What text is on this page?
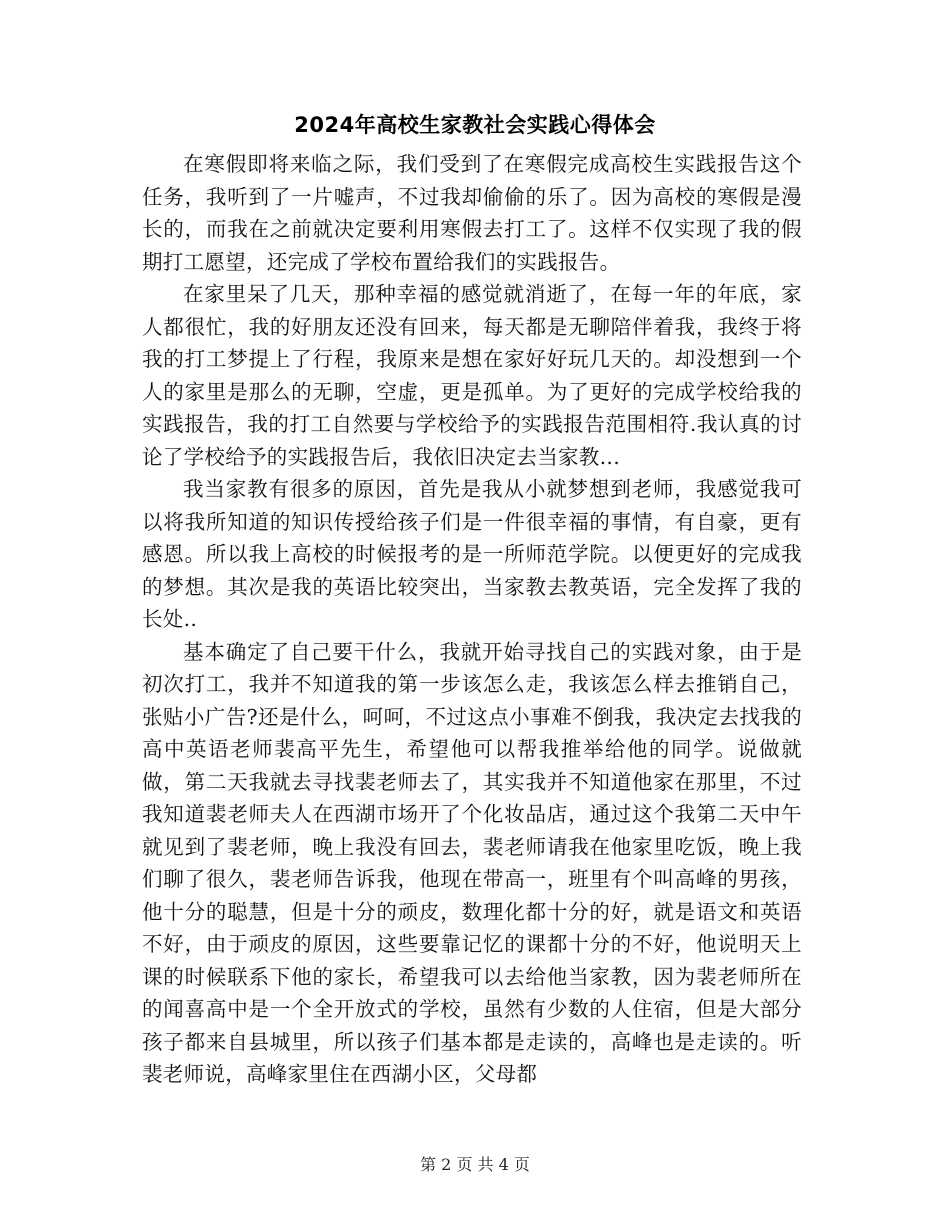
2024年高校生家教社会实践心得体会

在寒假即将来临之际，我们受到了在寒假完成高校生实践报告这个任务，我听到了一片嘘声，不过我却偷偷的乐了。因为高校的寒假是漫长的，而我在之前就决定要利用寒假去打工了。这样不仅实现了我的假期打工愿望，还完成了学校布置给我们的实践报告。

在家里呆了几天，那种幸福的感觉就消逝了，在每一年的年底，家人都很忙，我的好朋友还没有回来，每天都是无聊陪伴着我，我终于将我的打工梦提上了行程，我原来是想在家好好玩几天的。却没想到一个人的家里是那么的无聊，空虚，更是孤单。为了更好的完成学校给我的实践报告，我的打工自然要与学校给予的实践报告范围相符.我认真的讨论了学校给予的实践报告后，我依旧决定去当家教...

我当家教有很多的原因，首先是我从小就梦想到老师，我感觉我可以将我所知道的知识传授给孩子们是一件很幸福的事情，有自豪，更有感恩。所以我上高校的时候报考的是一所师范学院。以便更好的完成我的梦想。其次是我的英语比较突出，当家教去教英语，完全发挥了我的长处..

基本确定了自己要干什么，我就开始寻找自己的实践对象，由于是初次打工，我并不知道我的第一步该怎么走，我该怎么样去推销自己，张贴小广告?还是什么，呵呵，不过这点小事难不倒我，我决定去找我的高中英语老师裴高平先生，希望他可以帮我推举给他的同学。说做就做，第二天我就去寻找裴老师去了，其实我并不知道他家在那里，不过我知道裴老师夫人在西湖市场开了个化妆品店，通过这个我第二天中午就见到了裴老师，晚上我没有回去，裴老师请我在他家里吃饭，晚上我们聊了很久，裴老师告诉我，他现在带高一，班里有个叫高峰的男孩，他十分的聪慧，但是十分的顽皮，数理化都十分的好，就是语文和英语不好，由于顽皮的原因，这些要靠记忆的课都十分的不好，他说明天上课的时候联系下他的家长，希望我可以去给他当家教，因为裴老师所在的闻喜高中是一个全开放式的学校，虽然有少数的人住宿，但是大部分孩子都来自县城里，所以孩子们基本都是走读的，高峰也是走读的。听裴老师说，高峰家里住在西湖小区，父母都

第 2 页 共 4 页
